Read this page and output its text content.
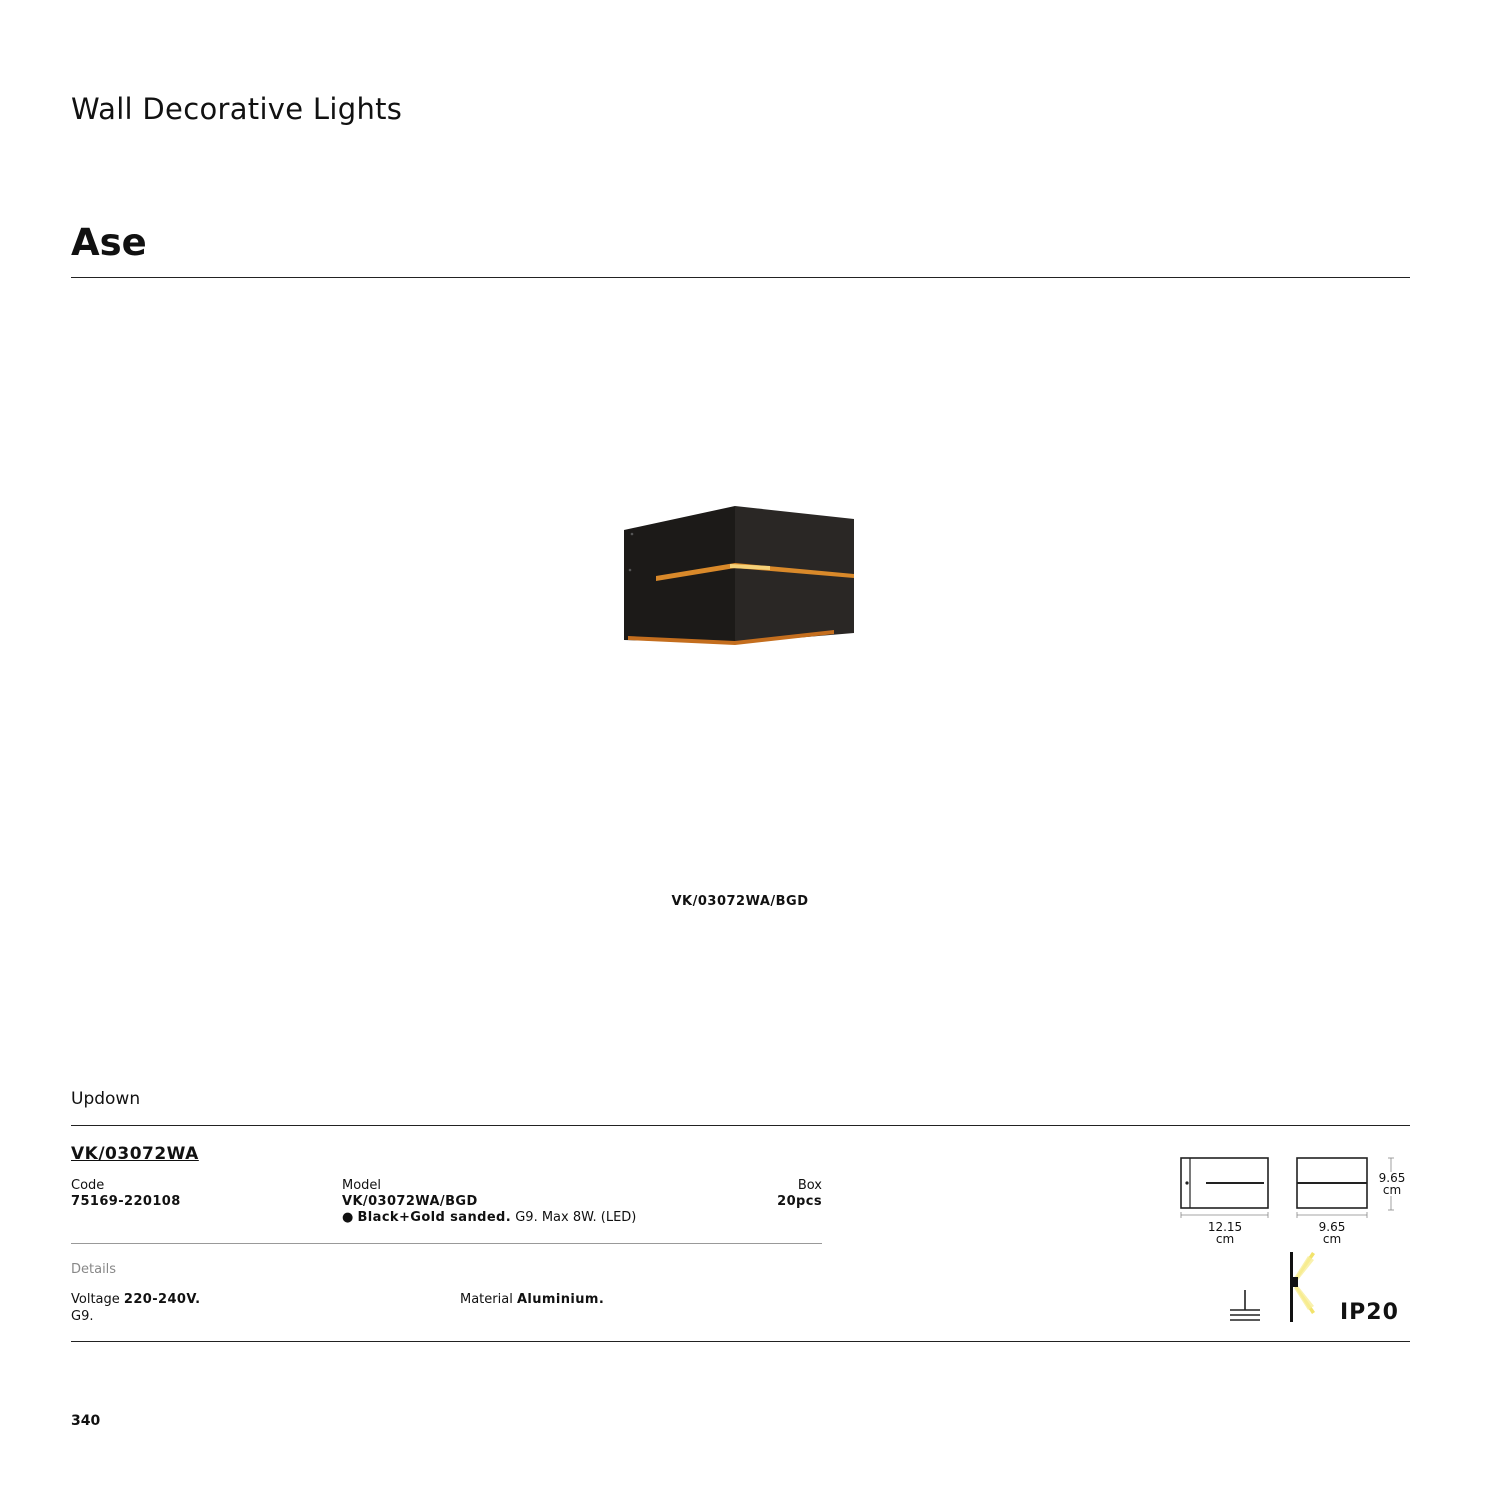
Wall Decorative Lights
Ase
VK/03072WA/BGD
Updown
VK/03072WA
Code
75169-220108
Model
VK/03072WA/BGD
● Black+Gold sanded. G9. Max 8W. (LED)
Box
20pcs
Details
Voltage 220-240V.
G9.
Material Aluminium.
12.15
cm
9.65
cm
9.65
cm
IP20
340
